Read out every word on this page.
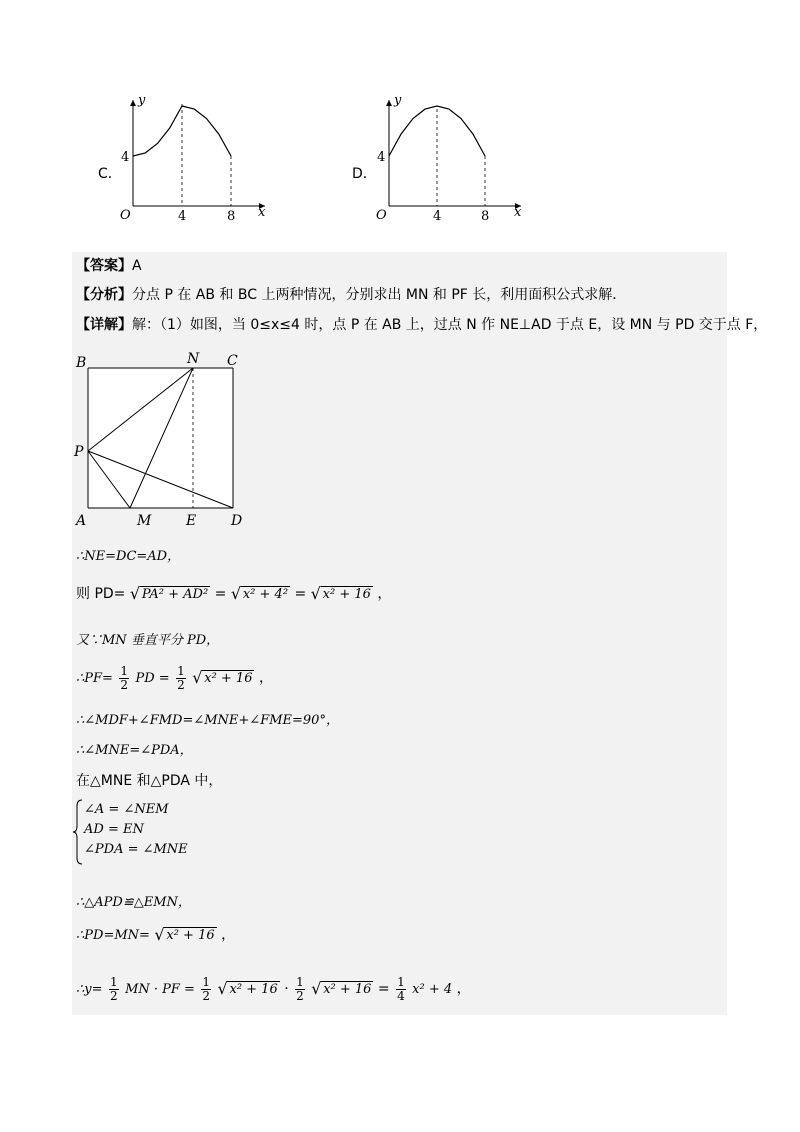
C．
y
x
O
4
4	8
D．
y
x
O
4
4	8
【答案】A
【分析】分点 P 在 AB 和 BC 上两种情况，分别求出 MN 和 PF 长，利用面积公式求解．
【详解】解：（1）如图，当 0≤x≤4 时，点 P 在 AB 上，过点 N 作 NE⊥AD 于点 E，设 MN 与 PD 交于点 F，
B	N C
P
A	M E D
∴NE=DC=AD，
则 PD= √ PA² + AD² = √ x² + 4² = √ x² + 16 ，
又∵MN 垂直平分 PD，
∴PF= $\frac{1}{2}$ PD = $\frac{1}{2}$ √ x² + 16 ，
∴∠MDF+∠FMD=∠MNE+∠FME=90°，
∴∠MNE=∠PDA，
在△MNE 和△PDA 中，
∠A = ∠NEM
AD = EN
∠PDA = ∠MNE
∴△APD≌△EMN，
∴PD=MN= √ x² + 16 ，
∴y= $\frac{1}{2}$ MN · PF = $\frac{1}{2}$ √ $x^2 + 16 \cdot \frac{1}{2}$ √ $x^2 + 16 = \frac{1}{4} x^2 + 4$ ，
